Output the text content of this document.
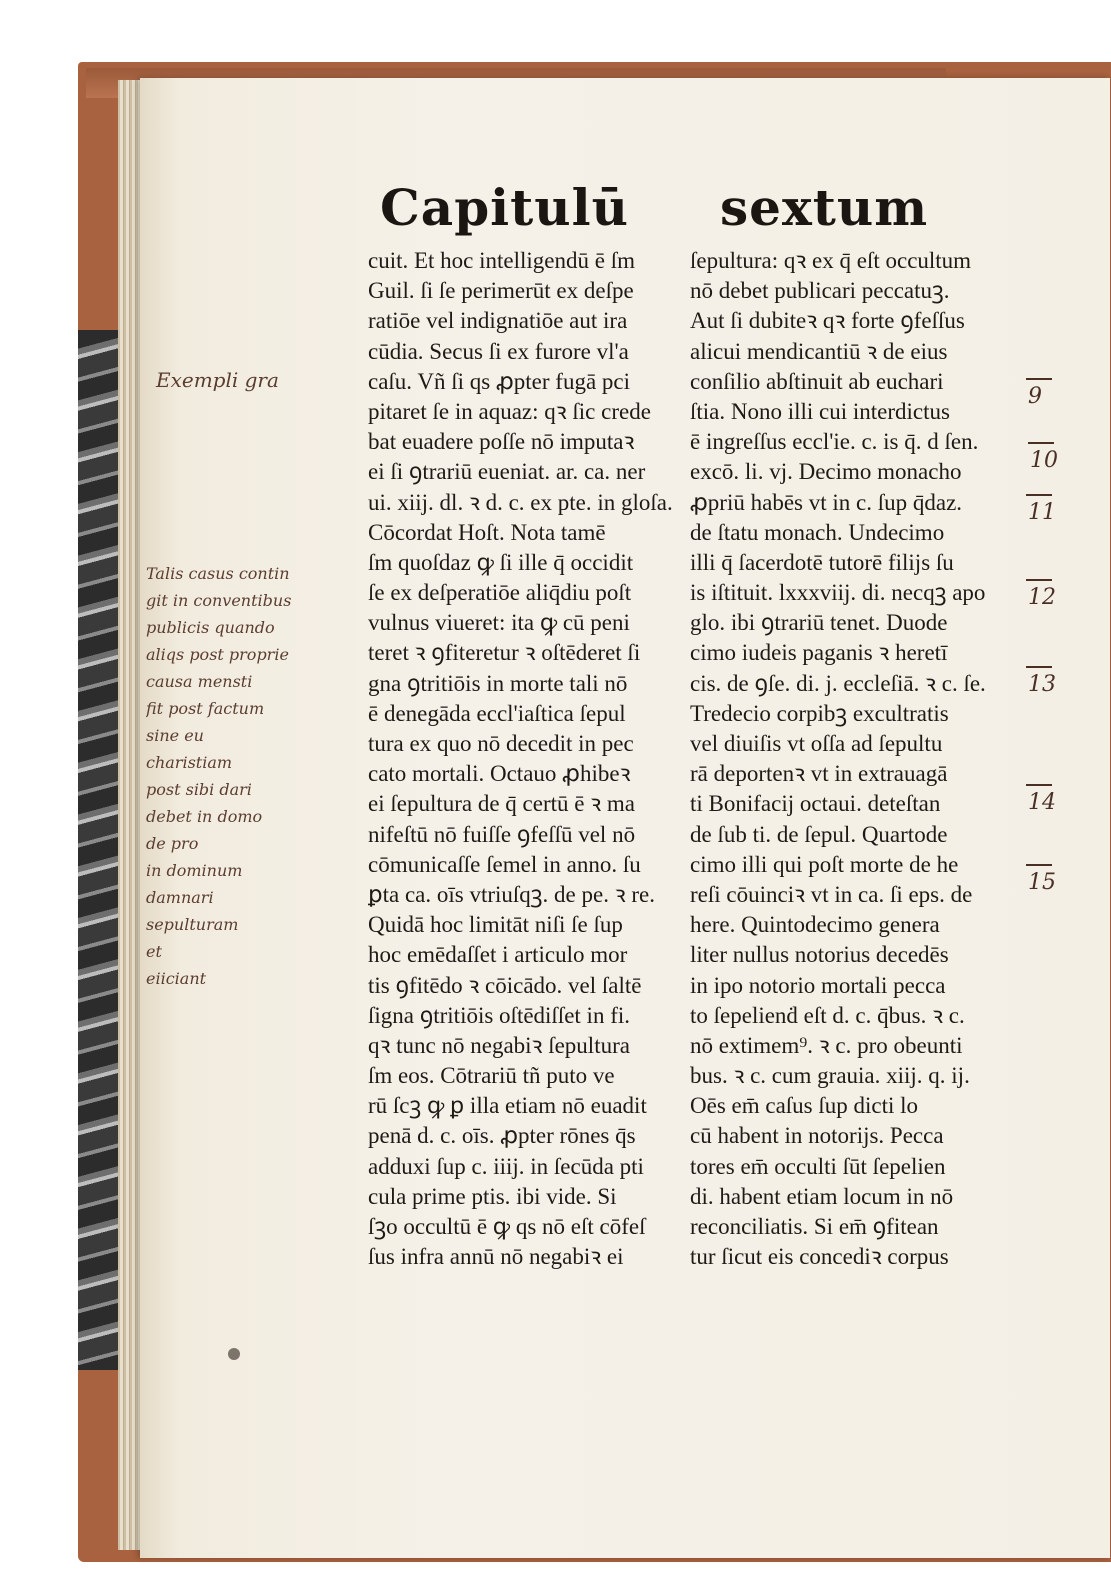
Capitulū sextum
cuit. Et hoc intelligendū ē ſm
Guil. ſi ſe perimerūt ex deſpe
ratiōe vel indignatiōe aut ira
cūdia. Secus ſi ex furore vl'a
caſu. Vñ ſi qs ꝓpter fugā pci
pitaret ſe in aquaz: qꝛ ſic crede
bat euadere poſſe nō imputaꝛ
ei ſi ꝯtrariū eueniat. ar. ca. ner
ui. xiij. dl. ꝛ d. c. ex pte. in gloſa.
Cōcordat Hoſt. Nota tamē
ſm quoſdaz ꝙ ſi ille q̄ occidit
ſe ex deſperatiōe aliq̄diu poſt
vulnus viueret: ita ꝙ cū peni
teret ꝛ ꝯfiteretur ꝛ oſtēderet ſi
gna ꝯtritiōis in morte tali nō
ē denegāda eccl'iaſtica ſepul
tura ex quo nō decedit in pec
cato mortali. Octauo ꝓhibeꝛ
ei ſepultura de q̄ certū ē ꝛ ma
nifeſtū nō fuiſſe ꝯfeſſū vel nō
cōmunicaſſe ſemel in anno. ſu
ꝑta ca. oīs vtriuſqꝫ. de pe. ꝛ re.
Quidā hoc limitāt niſi ſe ſup
hoc emēdaſſet i articulo mor
tis ꝯfitēdo ꝛ cōicādo. vel ſaltē
ſigna ꝯtritiōis oſtēdiſſet in fi.
qꝛ tunc nō negabiꝛ ſepultura
ſm eos. Cōtrariū tñ puto ve
rū ſcꝫ ꝙ ꝑ illa etiam nō euadit
penā d. c. oīs. ꝓpter rōnes q̄s
adduxi ſup c. iiij. in ſecūda pti
cula prime ptis. ibi vide. Si
ſꝫo occultū ē ꝙ qs nō eſt cōfeſ
ſus infra annū nō negabiꝛ ei
ſepultura: qꝛ ex q̄ eſt occultum
nō debet publicari peccatuꝫ.
Aut ſi dubiteꝛ qꝛ forte ꝯfeſſus
alicui mendicantiū ꝛ de eius
conſilio abſtinuit ab euchari
ſtia. Nono illi cui interdictus
ē ingreſſus eccl'ie. c. is q̄. d ſen.
excō. li. vj. Decimo monacho
ꝓpriū habēs vt in c. ſup q̄daz.
de ſtatu monach. Undecimo
illi q̄ ſacerdotē tutorē filijs ſu
is iſtituit. lxxxviij. di. necqꝫ apo
glo. ibi ꝯtrariū tenet. Duode
cimo iudeis paganis ꝛ heretī
cis. de ꝯſe. di. j. eccleſiā. ꝛ c. ſe.
Tredecio corpibꝫ excultratis
vel diuiſis vt oſſa ad ſepultu
rā deportenꝛ vt in extrauagā
ti Bonifacij octaui. deteſtan
de ſub ti. de ſepul. Quartode
cimo illi qui poſt morte de he
reſi cōuinciꝛ vt in ca. ſi eps. de
here. Quintodecimo genera
liter nullus notorius decedēs
in ipo notorio mortali pecca
to ſepelienḋ eſt d. c. q̄bus. ꝛ c.
nō extimem⁹. ꝛ c. pro obeunti
bus. ꝛ c. cum grauia. xiij. q. ij.
Oēs em̄ caſus ſup dicti lo
cū habent in notorijs. Pecca
tores em̄ occulti ſūt ſepelien
di. habent etiam locum in nō
reconciliatis. Si em̄ ꝯfitean
tur ſicut eis concediꝛ corpus
Exempli gra
Talis casus contin
git in conventibus
publicis quando
aliqs post proprie
causa mensti
fit post factum
sine eu
charistiam
post sibi dari
debet in domo
de pro
in dominum
damnari
sepulturam
et
eiiciant
9
10
11
12
13
14
15
